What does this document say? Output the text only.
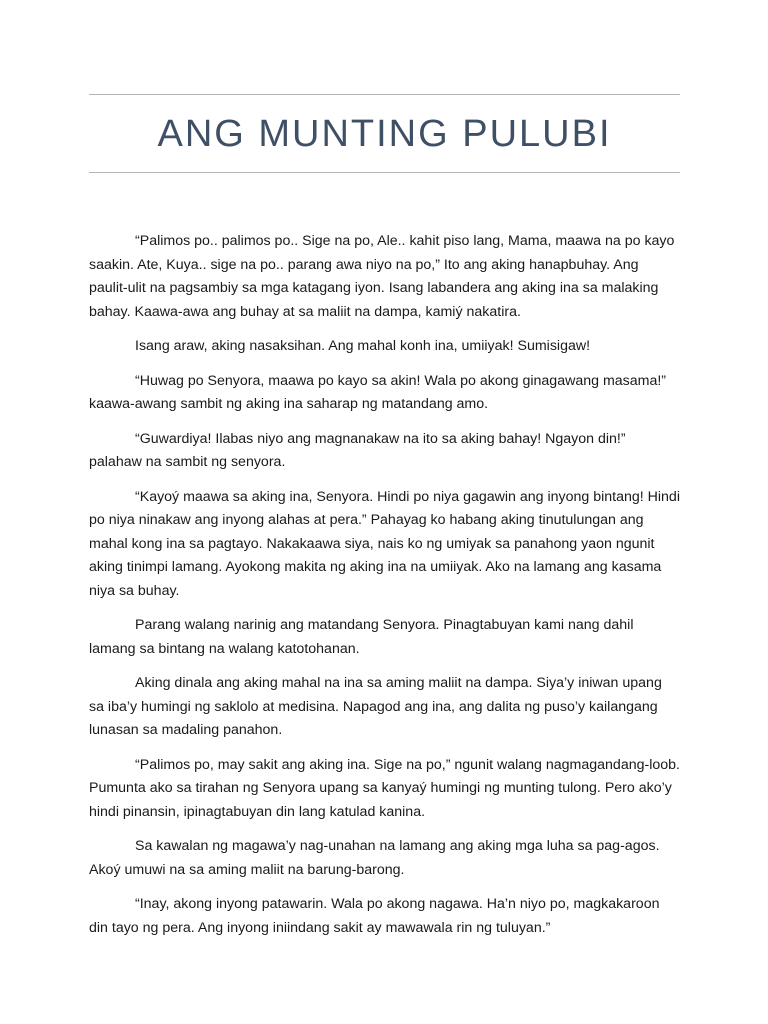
ANG MUNTING PULUBI

“Palimos po.. palimos po.. Sige na po, Ale.. kahit piso lang, Mama, maawa na po kayo saakin. Ate, Kuya.. sige na po.. parang awa niyo na po,” Ito ang aking hanapbuhay. Ang paulit-ulit na pagsambiy sa mga katagang iyon. Isang labandera ang aking ina sa malaking bahay. Kaawa-awa ang buhay at sa maliit na dampa, kamiý nakatira.

Isang araw, aking nasaksihan. Ang mahal konh ina, umiiyak! Sumisigaw!

“Huwag po Senyora, maawa po kayo sa akin! Wala po akong ginagawang masama!” kaawa-awang sambit ng aking ina saharap ng matandang amo.

“Guwardiya! Ilabas niyo ang magnanakaw na ito sa aking bahay! Ngayon din!” palahaw na sambit ng senyora.

“Kayoý maawa sa aking ina, Senyora. Hindi po niya gagawin ang inyong bintang! Hindi po niya ninakaw ang inyong alahas at pera.” Pahayag ko habang aking tinutulungan ang mahal kong ina sa pagtayo. Nakakaawa siya, nais ko ng umiyak sa panahong yaon ngunit aking tinimpi lamang. Ayokong makita ng aking ina na umiiyak. Ako na lamang ang kasama niya sa buhay.

Parang walang narinig ang matandang Senyora. Pinagtabuyan kami nang dahil lamang sa bintang na walang katotohanan.

Aking dinala ang aking mahal na ina sa aming maliit na dampa. Siya’y iniwan upang sa iba’y humingi ng saklolo at medisina. Napagod ang ina, ang dalita ng puso’y kailangang lunasan sa madaling panahon.

“Palimos po, may sakit ang aking ina. Sige na po,” ngunit walang nagmagandang-loob. Pumunta ako sa tirahan ng Senyora upang sa kanyaý humingi ng munting tulong. Pero ako’y hindi pinansin, ipinagtabuyan din lang katulad kanina.

Sa kawalan ng magawa’y nag-unahan na lamang ang aking mga luha sa pag-agos. Akoý umuwi na sa aming maliit na barung-barong.

“Inay, akong inyong patawarin. Wala po akong nagawa. Ha’n niyo po, magkakaroon din tayo ng pera. Ang inyong iniindang sakit ay mawawala rin ng tuluyan.”
